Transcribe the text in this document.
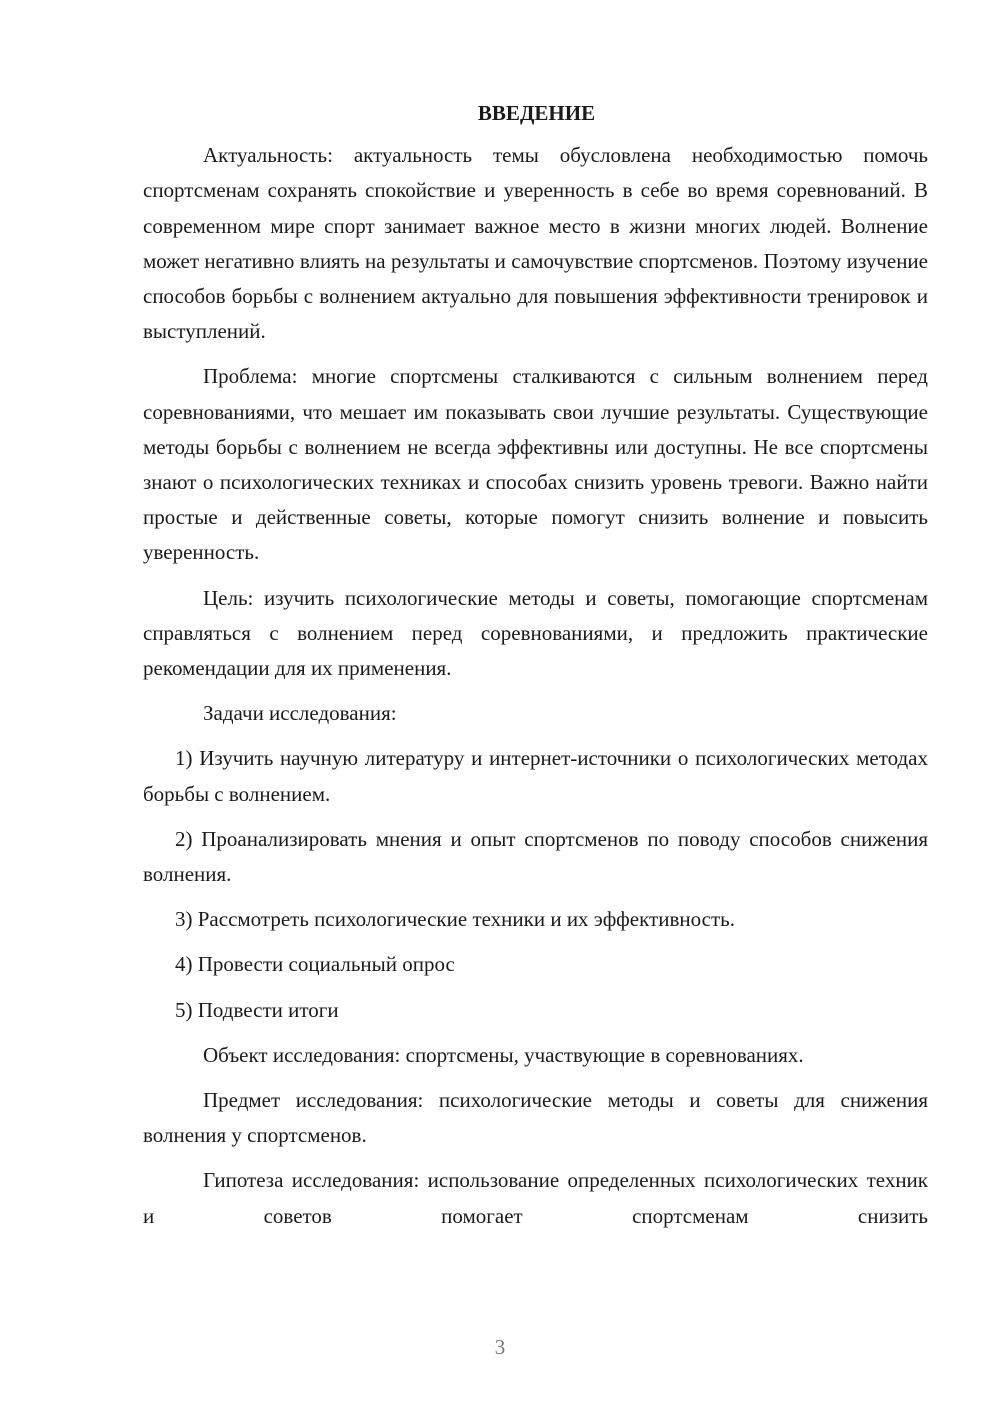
ВВЕДЕНИЕ

Актуальность: актуальность темы обусловлена необходимостью помочь спортсменам сохранять спокойствие и уверенность в себе во время соревнований. В современном мире спорт занимает важное место в жизни многих людей. Волнение может негативно влиять на результаты и самочувствие спортсменов. Поэтому изучение способов борьбы с волнением актуально для повышения эффективности тренировок и выступлений.

Проблема: многие спортсмены сталкиваются с сильным волнением перед соревнованиями, что мешает им показывать свои лучшие результаты. Существующие методы борьбы с волнением не всегда эффективны или доступны. Не все спортсмены знают о психологических техниках и способах снизить уровень тревоги. Важно найти простые и действенные советы, которые помогут снизить волнение и повысить уверенность.

Цель: изучить психологические методы и советы, помогающие спортсменам справляться с волнением перед соревнованиями, и предложить практические рекомендации для их применения.

Задачи исследования:

1) Изучить научную литературу и интернет-источники о психологических методах борьбы с волнением.

2) Проанализировать мнения и опыт спортсменов по поводу способов снижения волнения.

3) Рассмотреть психологические техники и их эффективность.

4) Провести социальный опрос

5) Подвести итоги

Объект исследования: спортсмены, участвующие в соревнованиях.

Предмет исследования: психологические методы и советы для снижения волнения у спортсменов.

Гипотеза исследования: использование определенных психологических техник и советов помогает спортсменам снизить

3
